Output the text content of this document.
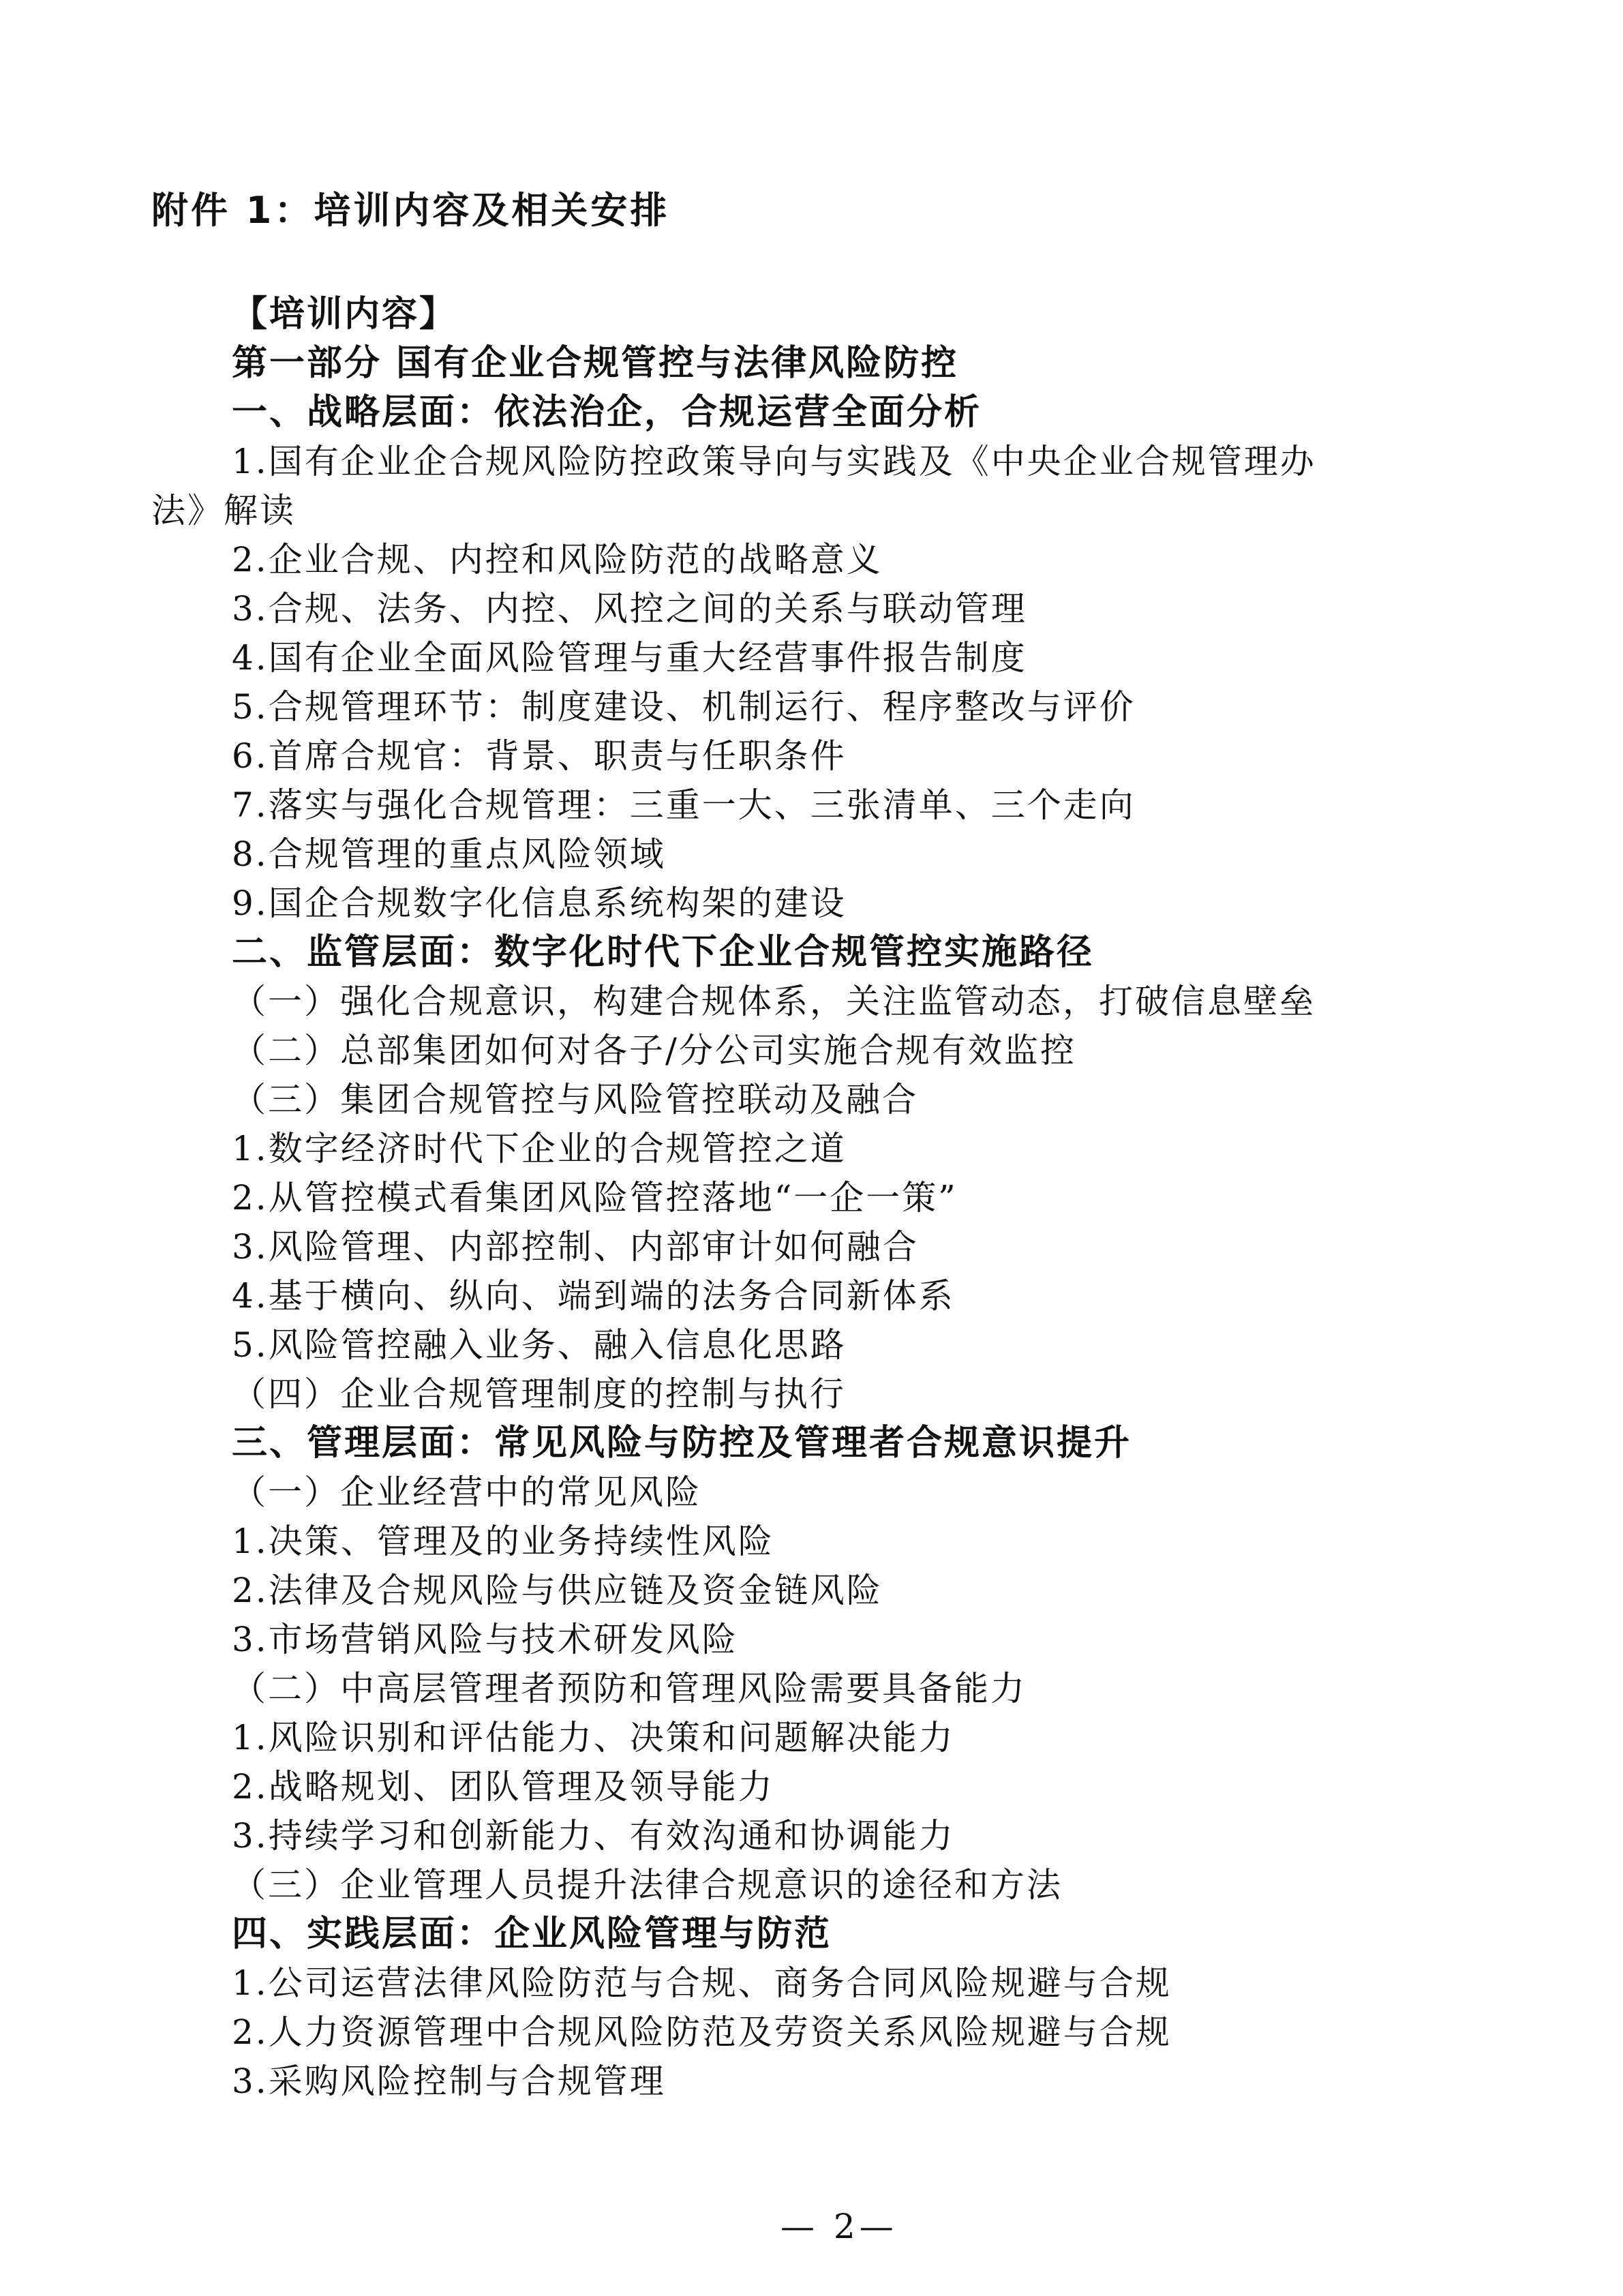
附件 1：培训内容及相关安排
【培训内容】
第一部分 国有企业合规管控与法律风险防控
一、战略层面：依法治企，合规运营全面分析
1.国有企业企合规风险防控政策导向与实践及《中央企业合规管理办
法》解读
2.企业合规、内控和风险防范的战略意义
3.合规、法务、内控、风控之间的关系与联动管理
4.国有企业全面风险管理与重大经营事件报告制度
5.合规管理环节：制度建设、机制运行、程序整改与评价
6.首席合规官：背景、职责与任职条件
7.落实与强化合规管理：三重一大、三张清单、三个走向
8.合规管理的重点风险领域
9.国企合规数字化信息系统构架的建设
二、监管层面：数字化时代下企业合规管控实施路径
（一）强化合规意识，构建合规体系，关注监管动态，打破信息壁垒
（二）总部集团如何对各子/分公司实施合规有效监控
（三）集团合规管控与风险管控联动及融合
1.数字经济时代下企业的合规管控之道
2.从管控模式看集团风险管控落地“一企一策”
3.风险管理、内部控制、内部审计如何融合
4.基于横向、纵向、端到端的法务合同新体系
5.风险管控融入业务、融入信息化思路
（四）企业合规管理制度的控制与执行
三、管理层面：常见风险与防控及管理者合规意识提升
（一）企业经营中的常见风险
1.决策、管理及的业务持续性风险
2.法律及合规风险与供应链及资金链风险
3.市场营销风险与技术研发风险
（二）中高层管理者预防和管理风险需要具备能力
1.风险识别和评估能力、决策和问题解决能力
2.战略规划、团队管理及领导能力
3.持续学习和创新能力、有效沟通和协调能力
（三）企业管理人员提升法律合规意识的途径和方法
四、实践层面：企业风险管理与防范
1.公司运营法律风险防范与合规、商务合同风险规避与合规
2.人力资源管理中合规风险防范及劳资关系风险规避与合规
3.采购风险控制与合规管理
— 2—
